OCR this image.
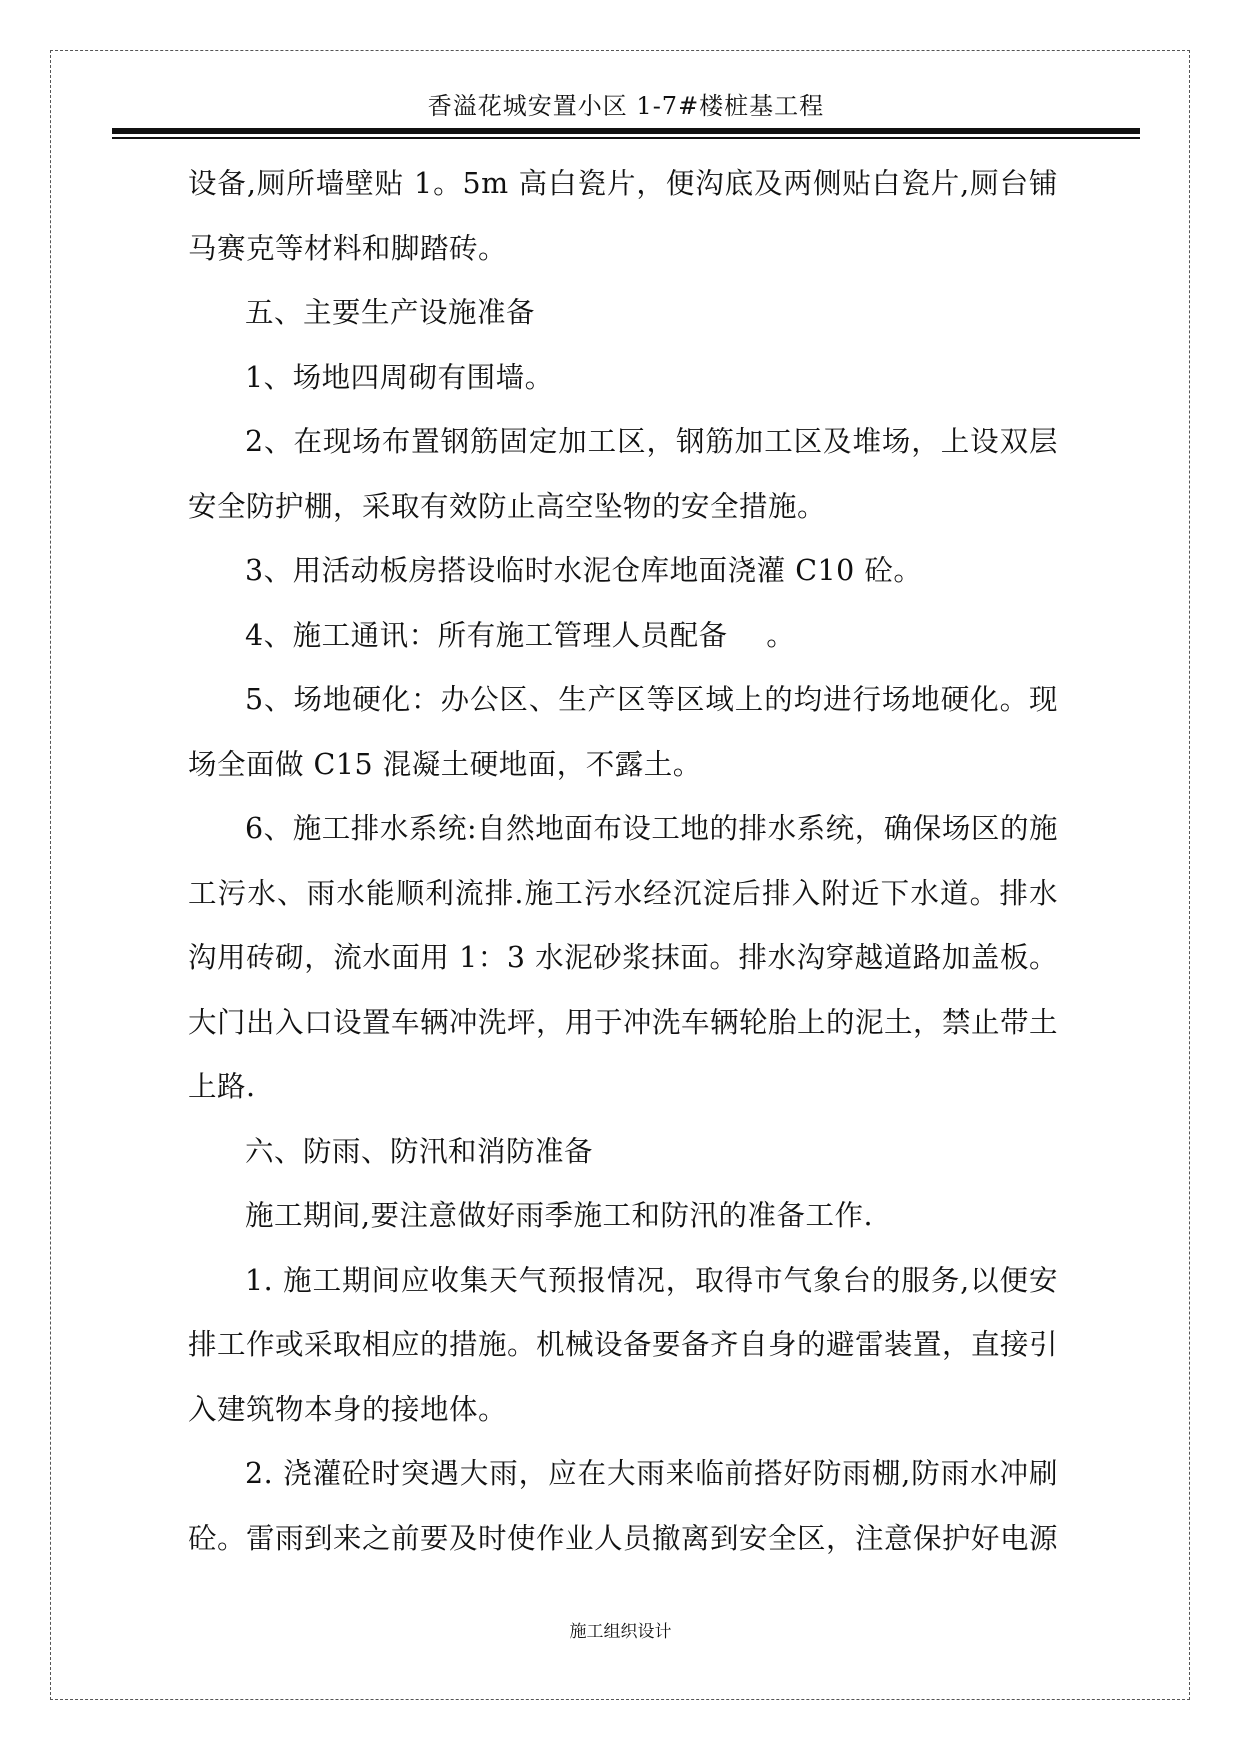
香溢花城安置小区 1-7#楼桩基工程

设备,厕所墙壁贴 1。5m 高白瓷片，便沟底及两侧贴白瓷片,厕台铺马赛克等材料和脚踏砖。

五、主要生产设施准备

1、场地四周砌有围墙。

2、在现场布置钢筋固定加工区，钢筋加工区及堆场，上设双层安全防护棚，采取有效防止高空坠物的安全措施。

3、用活动板房搭设临时水泥仓库地面浇灌 C10 砼。

4、施工通讯：所有施工管理人员配备　 。

5、场地硬化：办公区、生产区等区域上的均进行场地硬化。现场全面做 C15 混凝土硬地面，不露土。

6、施工排水系统:自然地面布设工地的排水系统，确保场区的施工污水、雨水能顺利流排.施工污水经沉淀后排入附近下水道。排水沟用砖砌，流水面用 1：3 水泥砂浆抹面。排水沟穿越道路加盖板。大门出入口设置车辆冲洗坪，用于冲洗车辆轮胎上的泥土，禁止带土上路.

六、防雨、防汛和消防准备

施工期间,要注意做好雨季施工和防汛的准备工作.

1. 施工期间应收集天气预报情况，取得市气象台的服务,以便安排工作或采取相应的措施。机械设备要备齐自身的避雷装置，直接引入建筑物本身的接地体。

2. 浇灌砼时突遇大雨，应在大雨来临前搭好防雨棚,防雨水冲刷砼。雷雨到来之前要及时使作业人员撤离到安全区，注意保护好电源

施工组织设计
